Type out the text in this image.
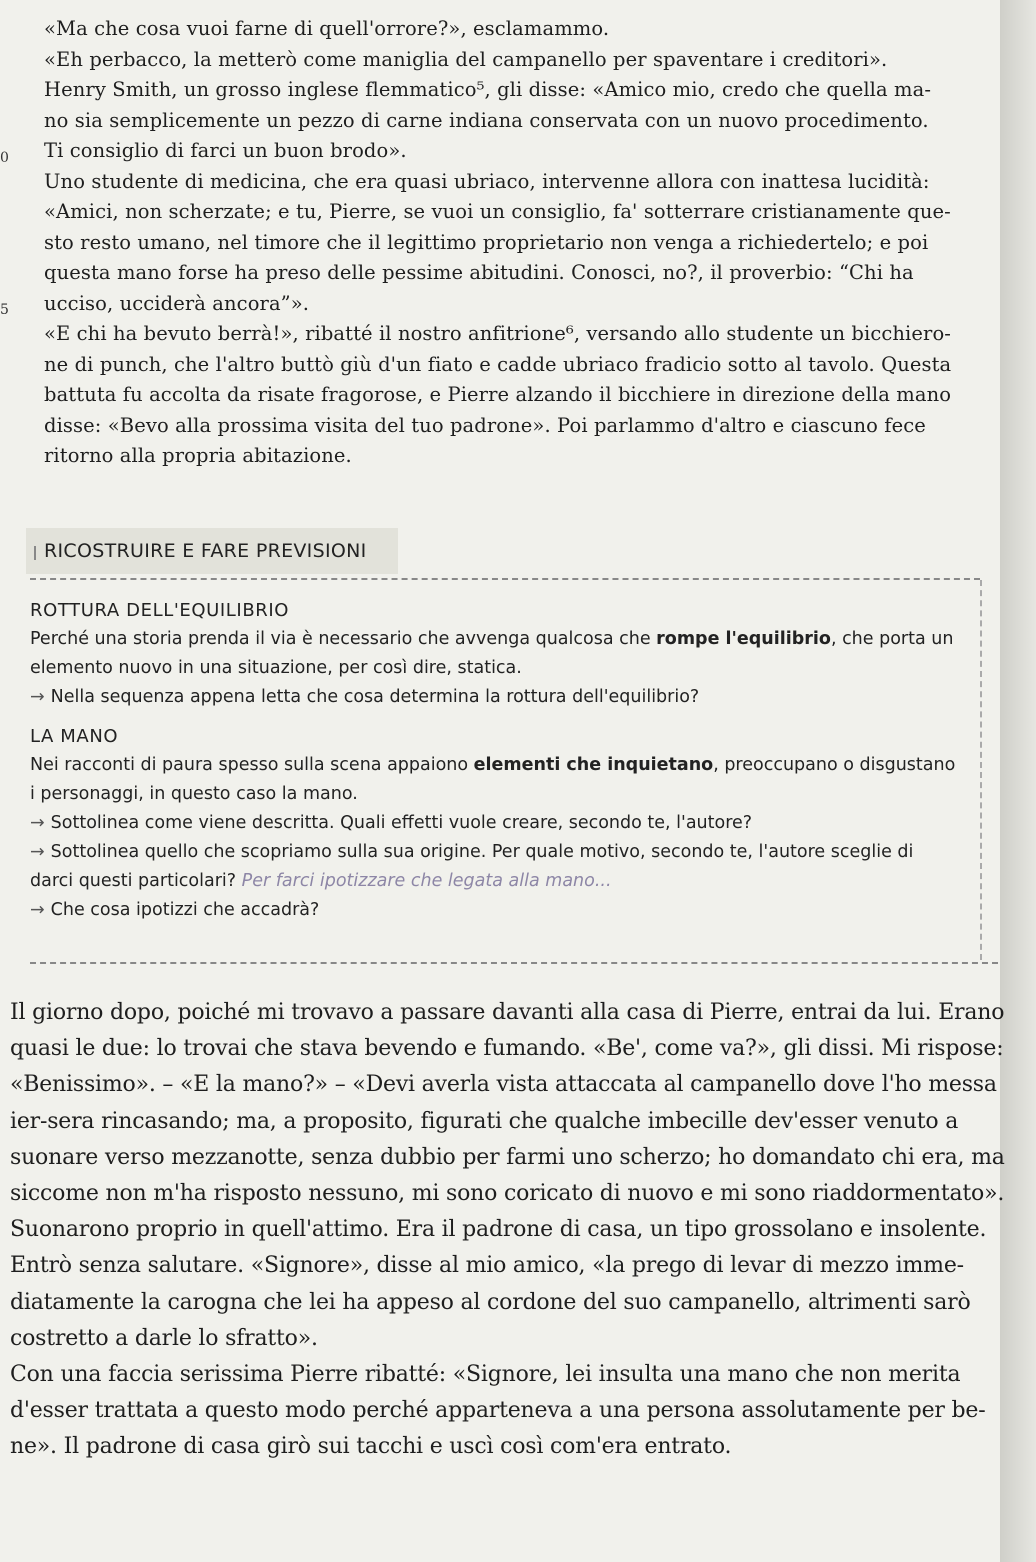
0
5

«Ma che cosa vuoi farne di quell'orrore?», esclamammo.

«Eh perbacco, la metterò come maniglia del campanello per spaventare i creditori».

Henry Smith, un grosso inglese flemmatico⁵, gli disse: «Amico mio, credo che quella ma-

no sia semplicemente un pezzo di carne indiana conservata con un nuovo procedimento.

Ti consiglio di farci un buon brodo».

Uno studente di medicina, che era quasi ubriaco, intervenne allora con inattesa lucidità:

«Amici, non scherzate; e tu, Pierre, se vuoi un consiglio, fa' sotterrare cristianamente que-

sto resto umano, nel timore che il legittimo proprietario non venga a richiedertelo; e poi

questa mano forse ha preso delle pessime abitudini. Conosci, no?, il proverbio: “Chi ha

ucciso, ucciderà ancora”».

«E chi ha bevuto berrà!», ribatté il nostro anfitrione⁶, versando allo studente un bicchiero-

ne di punch, che l'altro buttò giù d'un fiato e cadde ubriaco fradicio sotto al tavolo. Questa

battuta fu accolta da risate fragorose, e Pierre alzando il bicchiere in direzione della mano

disse: «Bevo alla prossima visita del tuo padrone». Poi parlammo d'altro e ciascuno fece

ritorno alla propria abitazione.

RICOSTRUIRE E FARE PREVISIONI

ROTTURA DELL'EQUILIBRIO

Perché una storia prenda il via è necessario che avvenga qualcosa che rompe l'equilibrio, che porta un elemento nuovo in una situazione, per così dire, statica.

→ Nella sequenza appena letta che cosa determina la rottura dell'equilibrio?

LA MANO

Nei racconti di paura spesso sulla scena appaiono elementi che inquietano, preoccupano o disgustano i personaggi, in questo caso la mano.

→ Sottolinea come viene descritta. Quali effetti vuole creare, secondo te, l'autore?

→ Sottolinea quello che scopriamo sulla sua origine. Per quale motivo, secondo te, l'autore sceglie di darci questi particolari? Per farci ipotizzare che legata alla mano...

→ Che cosa ipotizzi che accadrà?

Il giorno dopo, poiché mi trovavo a passare davanti alla casa di Pierre, entrai da lui. Erano quasi le due: lo trovai che stava bevendo e fumando. «Be', come va?», gli dissi. Mi rispose: «Benissimo». – «E la mano?» – «Devi averla vista attaccata al campanello dove l'ho messa ier-sera rincasando; ma, a proposito, figurati che qualche imbecille dev'esser venuto a suonare verso mezzanotte, senza dubbio per farmi uno scherzo; ho domandato chi era, ma siccome non m'ha risposto nessuno, mi sono coricato di nuovo e mi sono riaddormentato».

Suonarono proprio in quell'attimo. Era il padrone di casa, un tipo grossolano e insolente. Entrò senza salutare. «Signore», disse al mio amico, «la prego di levar di mezzo imme-diatamente la carogna che lei ha appeso al cordone del suo campanello, altrimenti sarò costretto a darle lo sfratto».

Con una faccia serissima Pierre ribatté: «Signore, lei insulta una mano che non merita d'esser trattata a questo modo perché apparteneva a una persona assolutamente per be-ne». Il padrone di casa girò sui tacchi e uscì così com'era entrato.
